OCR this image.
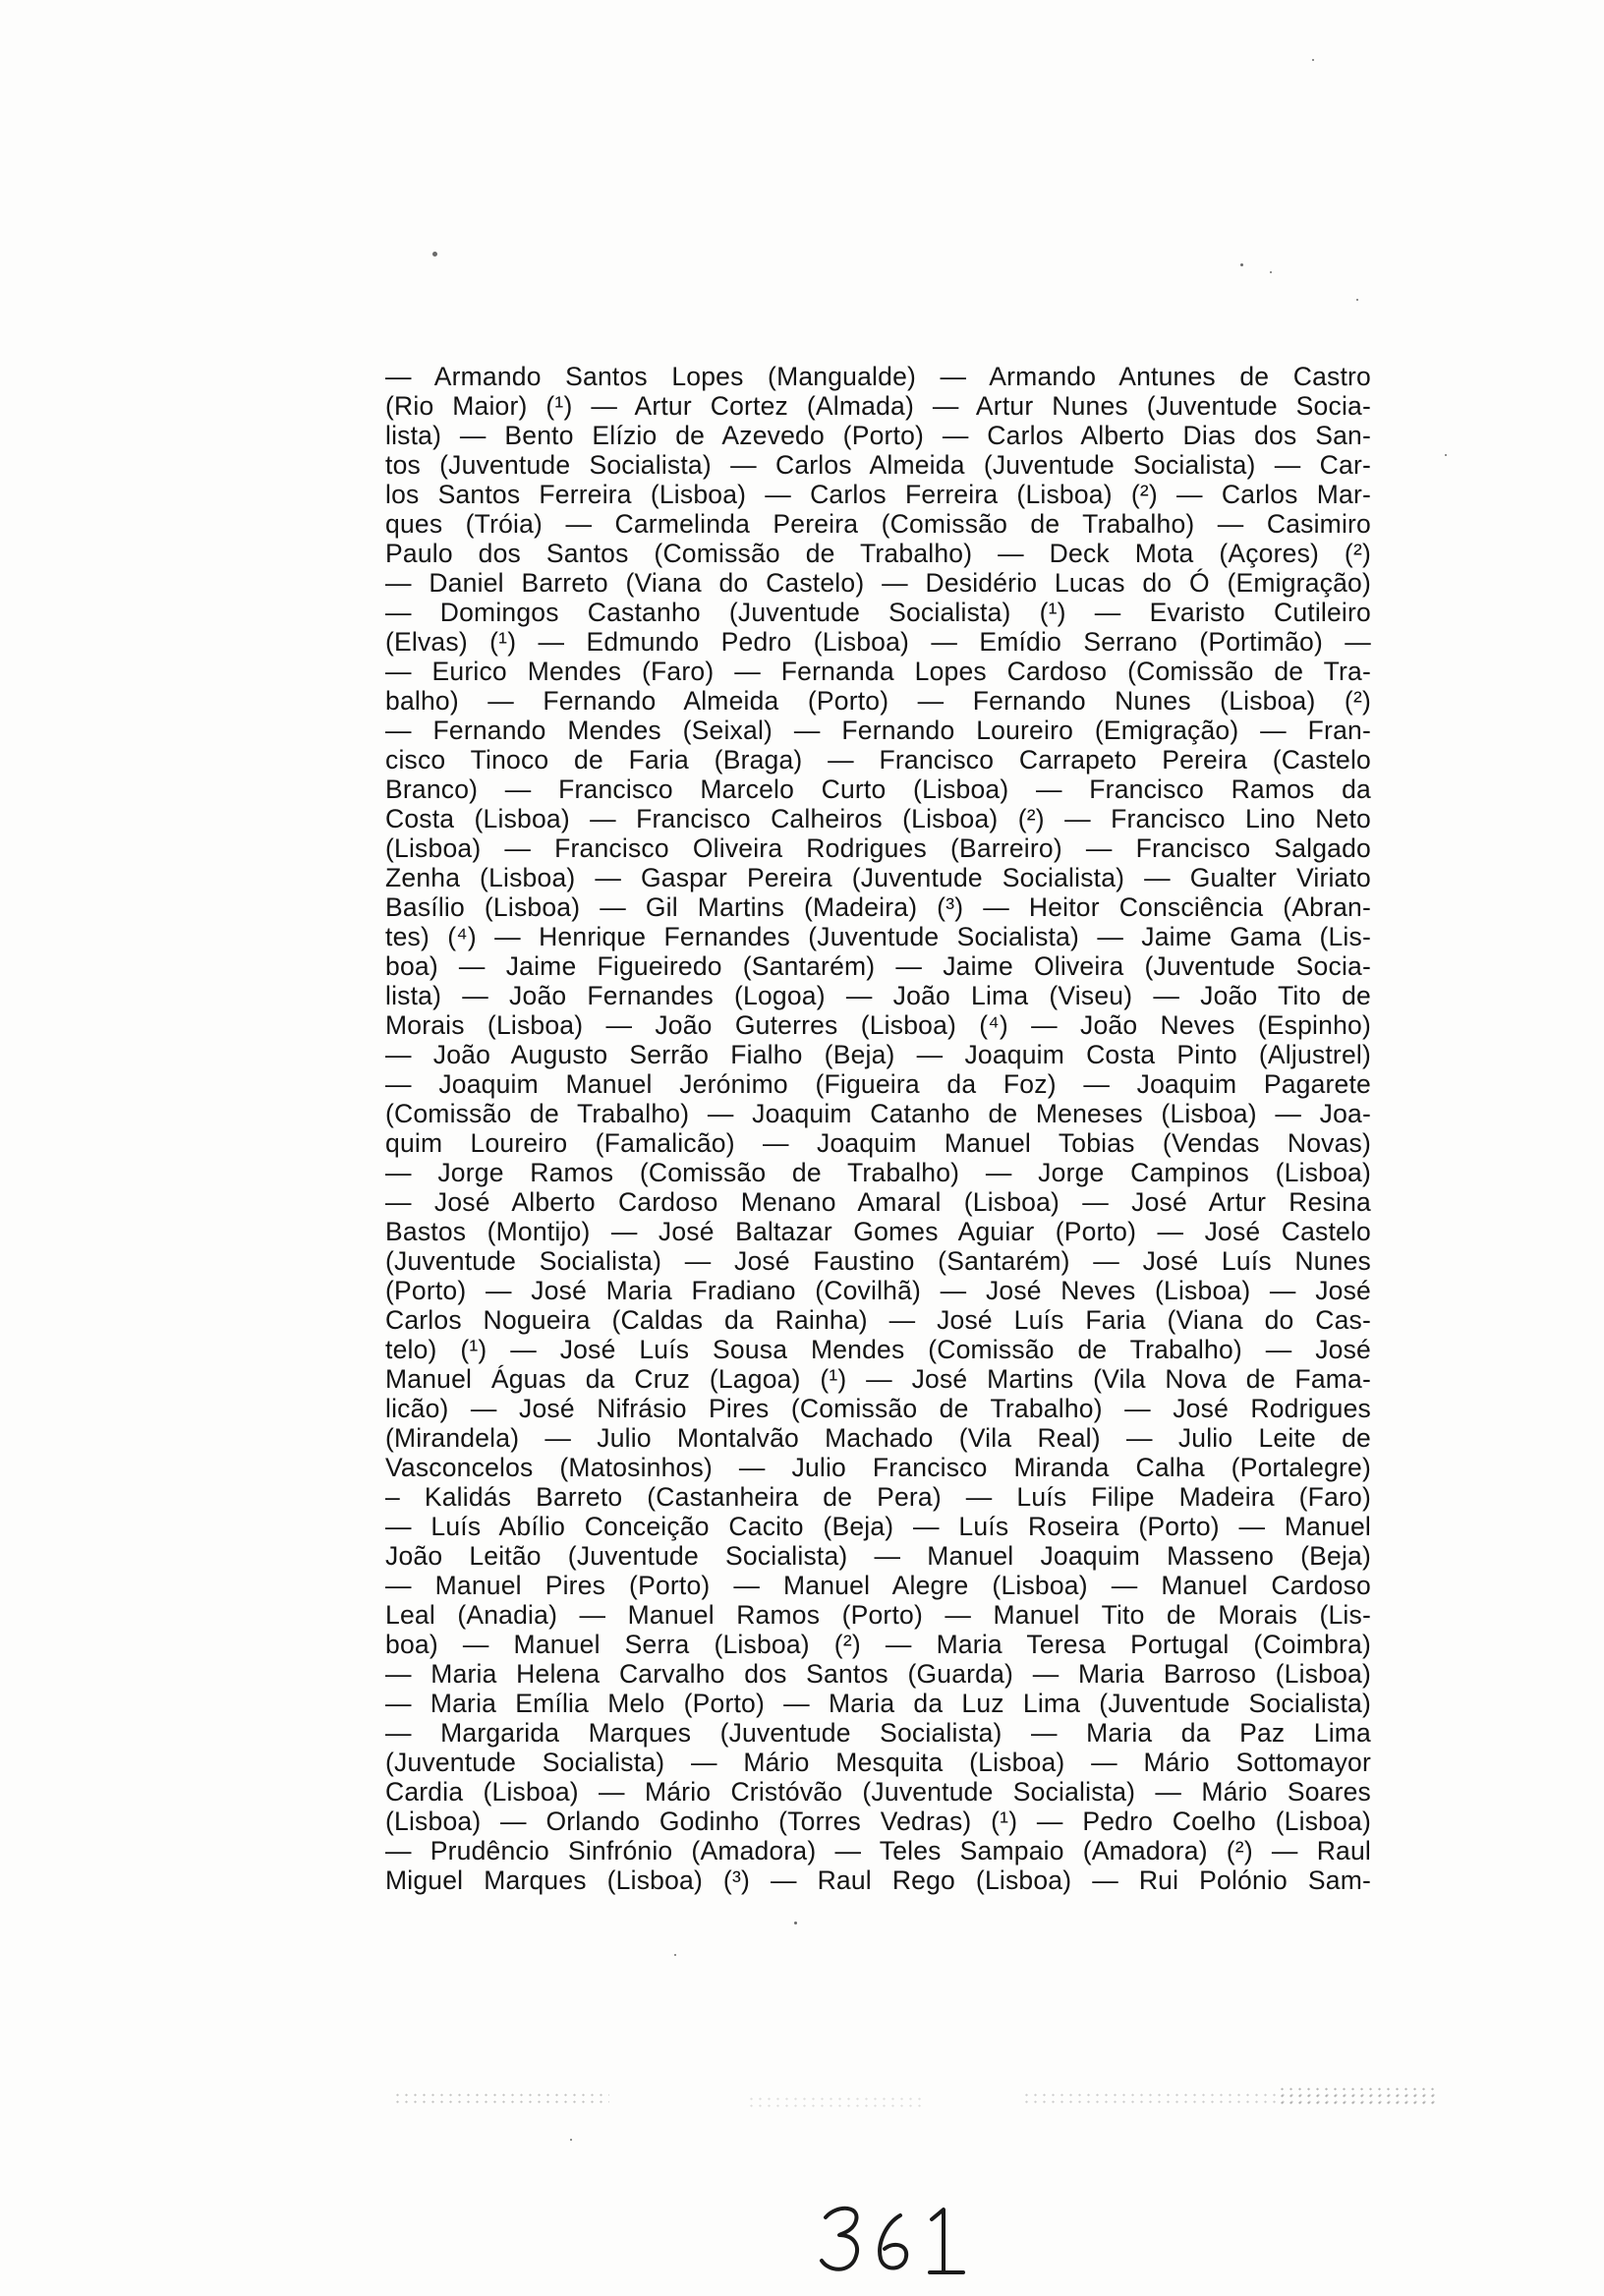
— Armando Santos Lopes (Mangualde) — Armando Antunes de Castro
(Rio Maior) (¹) — Artur Cortez (Almada) — Artur Nunes (Juventude Socia-
lista) — Bento Elízio de Azevedo (Porto) — Carlos Alberto Dias dos San-
tos (Juventude Socialista) — Carlos Almeida (Juventude Socialista) — Car-
los Santos Ferreira (Lisboa) — Carlos Ferreira (Lisboa) (²) — Carlos Mar-
ques (Tróia) — Carmelinda Pereira (Comissão de Trabalho) — Casimiro
Paulo dos Santos (Comissão de Trabalho) — Deck Mota (Açores) (²)
— Daniel Barreto (Viana do Castelo) — Desidério Lucas do Ó (Emigração)
— Domingos Castanho (Juventude Socialista) (¹) — Evaristo Cutileiro
(Elvas) (¹) — Edmundo Pedro (Lisboa) — Emídio Serrano (Portimão) —
— Eurico Mendes (Faro) — Fernanda Lopes Cardoso (Comissão de Tra-
balho) — Fernando Almeida (Porto) — Fernando Nunes (Lisboa) (²)
— Fernando Mendes (Seixal) — Fernando Loureiro (Emigração) — Fran-
cisco Tinoco de Faria (Braga) — Francisco Carrapeto Pereira (Castelo
Branco) — Francisco Marcelo Curto (Lisboa) — Francisco Ramos da
Costa (Lisboa) — Francisco Calheiros (Lisboa) (²) — Francisco Lino Neto
(Lisboa) — Francisco Oliveira Rodrigues (Barreiro) — Francisco Salgado
Zenha (Lisboa) — Gaspar Pereira (Juventude Socialista) — Gualter Viriato
Basílio (Lisboa) — Gil Martins (Madeira) (³) — Heitor Consciência (Abran-
tes) (⁴) — Henrique Fernandes (Juventude Socialista) — Jaime Gama (Lis-
boa) — Jaime Figueiredo (Santarém) — Jaime Oliveira (Juventude Socia-
lista) — João Fernandes (Logoa) — João Lima (Viseu) — João Tito de
Morais (Lisboa) — João Guterres (Lisboa) (⁴) — João Neves (Espinho)
— João Augusto Serrão Fialho (Beja) — Joaquim Costa Pinto (Aljustrel)
— Joaquim Manuel Jerónimo (Figueira da Foz) — Joaquim Pagarete
(Comissão de Trabalho) — Joaquim Catanho de Meneses (Lisboa) — Joa-
quim Loureiro (Famalicão) — Joaquim Manuel Tobias (Vendas Novas)
— Jorge Ramos (Comissão de Trabalho) — Jorge Campinos (Lisboa)
— José Alberto Cardoso Menano Amaral (Lisboa) — José Artur Resina
Bastos (Montijo) — José Baltazar Gomes Aguiar (Porto) — José Castelo
(Juventude Socialista) — José Faustino (Santarém) — José Luís Nunes
(Porto) — José Maria Fradiano (Covilhã) — José Neves (Lisboa) — José
Carlos Nogueira (Caldas da Rainha) — José Luís Faria (Viana do Cas-
telo) (¹) — José Luís Sousa Mendes (Comissão de Trabalho) — José
Manuel Águas da Cruz (Lagoa) (¹) — José Martins (Vila Nova de Fama-
licão) — José Nifrásio Pires (Comissão de Trabalho) — José Rodrigues
(Mirandela) — Julio Montalvão Machado (Vila Real) — Julio Leite de
Vasconcelos (Matosinhos) — Julio Francisco Miranda Calha (Portalegre)
– Kalidás Barreto (Castanheira de Pera) — Luís Filipe Madeira (Faro)
— Luís Abílio Conceição Cacito (Beja) — Luís Roseira (Porto) — Manuel
João Leitão (Juventude Socialista) — Manuel Joaquim Masseno (Beja)
— Manuel Pires (Porto) — Manuel Alegre (Lisboa) — Manuel Cardoso
Leal (Anadia) — Manuel Ramos (Porto) — Manuel Tito de Morais (Lis-
boa) — Manuel Serra (Lisboa) (²) — Maria Teresa Portugal (Coimbra)
— Maria Helena Carvalho dos Santos (Guarda) — Maria Barroso (Lisboa)
— Maria Emília Melo (Porto) — Maria da Luz Lima (Juventude Socialista)
— Margarida Marques (Juventude Socialista) — Maria da Paz Lima
(Juventude Socialista) — Mário Mesquita (Lisboa) — Mário Sottomayor
Cardia (Lisboa) — Mário Cristóvão (Juventude Socialista) — Mário Soares
(Lisboa) — Orlando Godinho (Torres Vedras) (¹) — Pedro Coelho (Lisboa)
— Prudêncio Sinfrónio (Amadora) — Teles Sampaio (Amadora) (²) — Raul
Miguel Marques (Lisboa) (³) — Raul Rego (Lisboa) — Rui Polónio Sam-
